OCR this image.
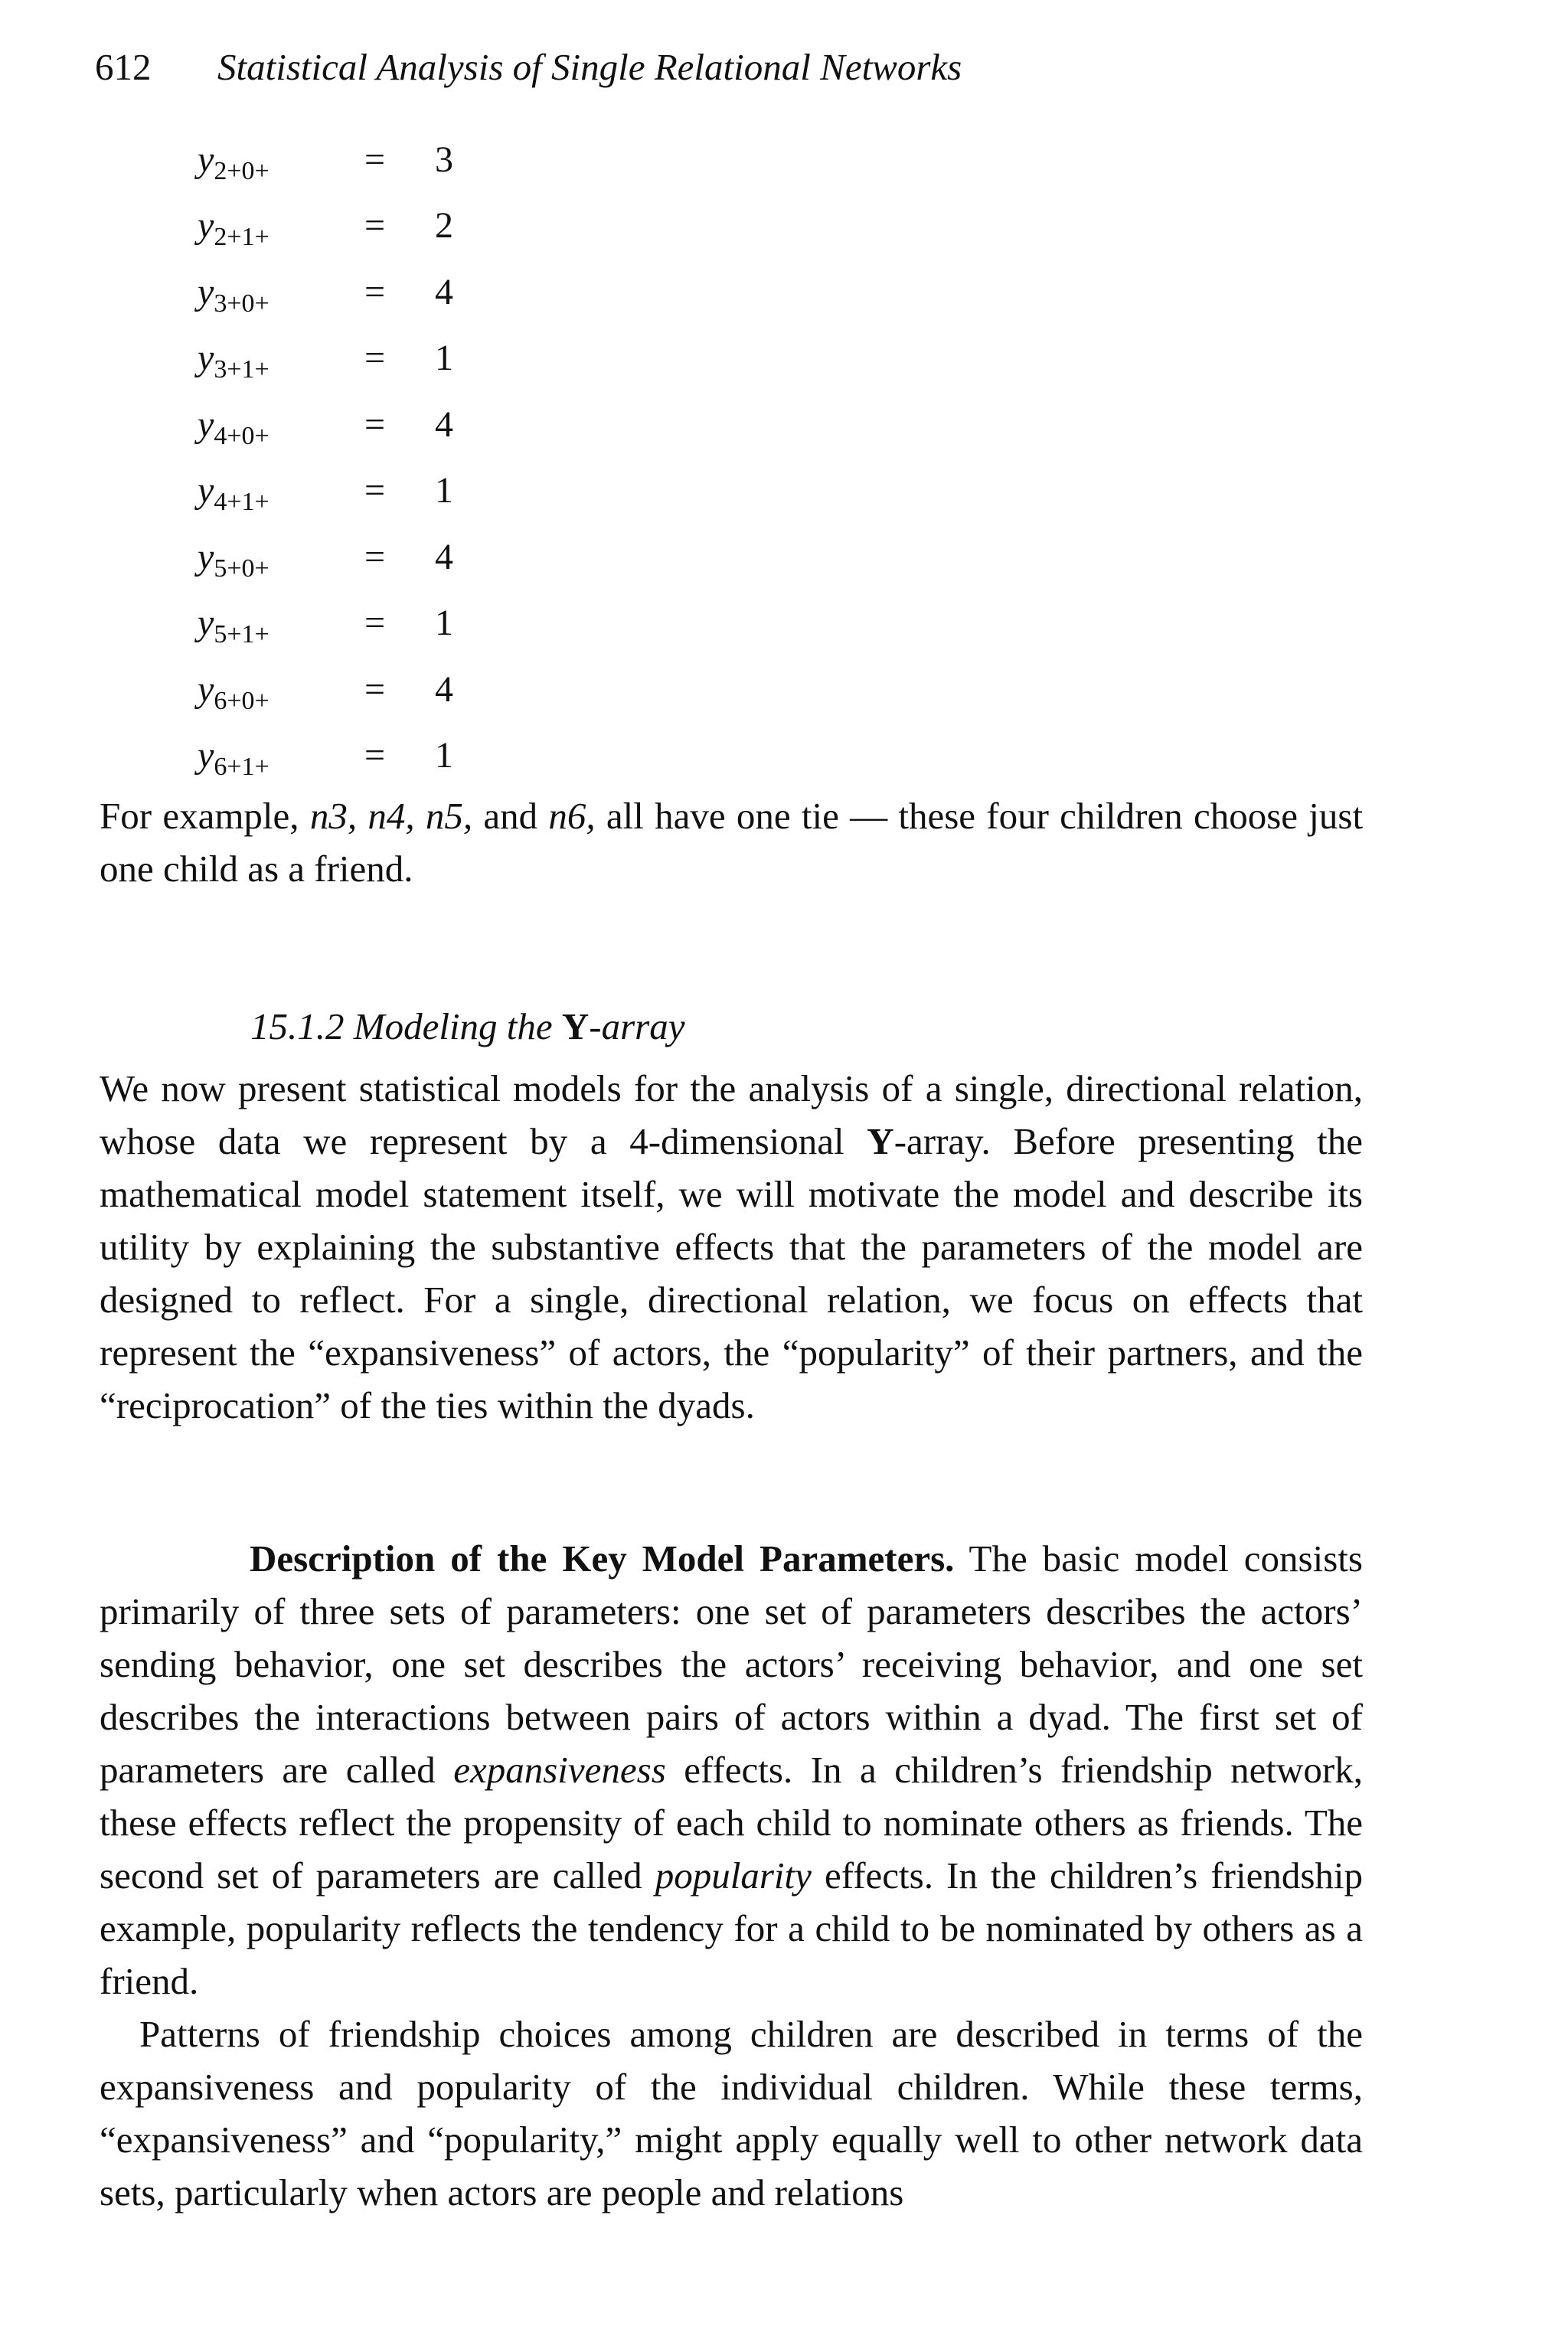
612 Statistical Analysis of Single Relational Networks
$y_{2+0+}$	=	3
$y_{2+1+}$	=	2
$y_{3+0+}$	=	4
$y_{3+1+}$	=	1
$y_{4+0+}$	=	4
$y_{4+1+}$	=	1
$y_{5+0+}$	=	4
$y_{5+1+}$	=	1
$y_{6+0+}$	=	4
$y_{6+1+}$	=	1

For example, n3, n4, n5, and n6, all have one tie — these four children choose just one child as a friend.

15.1.2 Modeling the Y-array

We now present statistical models for the analysis of a single, directional relation, whose data we represent by a 4-dimensional Y-array. Before presenting the mathematical model statement itself, we will motivate the model and describe its utility by explaining the substantive effects that the parameters of the model are designed to reflect. For a single, directional relation, we focus on effects that represent the “expansiveness” of actors, the “popularity” of their partners, and the “reciprocation” of the ties within the dyads.

Description of the Key Model Parameters. The basic model consists primarily of three sets of parameters: one set of parameters describes the actors’ sending behavior, one set describes the actors’ receiving behavior, and one set describes the interactions between pairs of actors within a dyad. The first set of parameters are called expansiveness effects. In a children’s friendship network, these effects reflect the propensity of each child to nominate others as friends. The second set of parameters are called popularity effects. In the children’s friendship example, popularity reflects the tendency for a child to be nominated by others as a friend.

Patterns of friendship choices among children are described in terms of the expansiveness and popularity of the individual children. While these terms, “expansiveness” and “popularity,” might apply equally well to other network data sets, particularly when actors are people and relations
